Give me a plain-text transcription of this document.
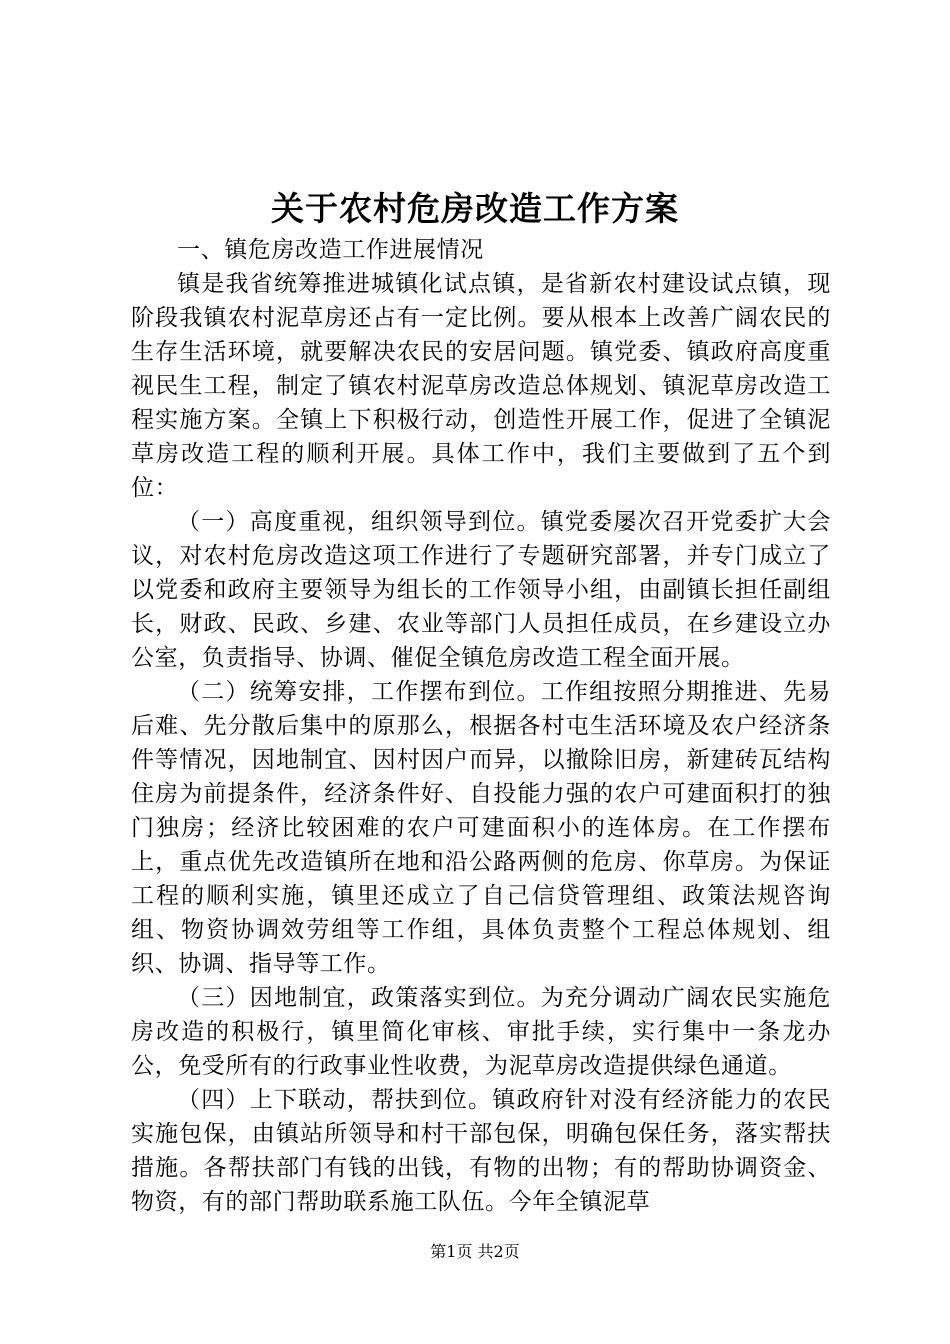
关于农村危房改造工作方案

一、镇危房改造工作进展情况

镇是我省统筹推进城镇化试点镇，是省新农村建设试点镇，现阶段我镇农村泥草房还占有一定比例。要从根本上改善广阔农民的生存生活环境，就要解决农民的安居问题。镇党委、镇政府高度重视民生工程，制定了镇农村泥草房改造总体规划、镇泥草房改造工程实施方案。全镇上下积极行动，创造性开展工作，促进了全镇泥草房改造工程的顺利开展。具体工作中，我们主要做到了五个到位：

（一）高度重视，组织领导到位。镇党委屡次召开党委扩大会议，对农村危房改造这项工作进行了专题研究部署，并专门成立了以党委和政府主要领导为组长的工作领导小组，由副镇长担任副组长，财政、民政、乡建、农业等部门人员担任成员，在乡建设立办公室，负责指导、协调、催促全镇危房改造工程全面开展。

（二）统筹安排，工作摆布到位。工作组按照分期推进、先易后难、先分散后集中的原那么，根据各村屯生活环境及农户经济条件等情况，因地制宜、因村因户而异，以撤除旧房，新建砖瓦结构住房为前提条件，经济条件好、自投能力强的农户可建面积打的独门独房；经济比较困难的农户可建面积小的连体房。在工作摆布上，重点优先改造镇所在地和沿公路两侧的危房、你草房。为保证工程的顺利实施，镇里还成立了自己信贷管理组、政策法规咨询组、物资协调效劳组等工作组，具体负责整个工程总体规划、组织、协调、指导等工作。

（三）因地制宜，政策落实到位。为充分调动广阔农民实施危房改造的积极行，镇里简化审核、审批手续，实行集中一条龙办公，免受所有的行政事业性收费，为泥草房改造提供绿色通道。

（四）上下联动，帮扶到位。镇政府针对没有经济能力的农民实施包保，由镇站所领导和村干部包保，明确包保任务，落实帮扶措施。各帮扶部门有钱的出钱，有物的出物；有的帮助协调资金、物资，有的部门帮助联系施工队伍。今年全镇泥草

第1页 共2页
